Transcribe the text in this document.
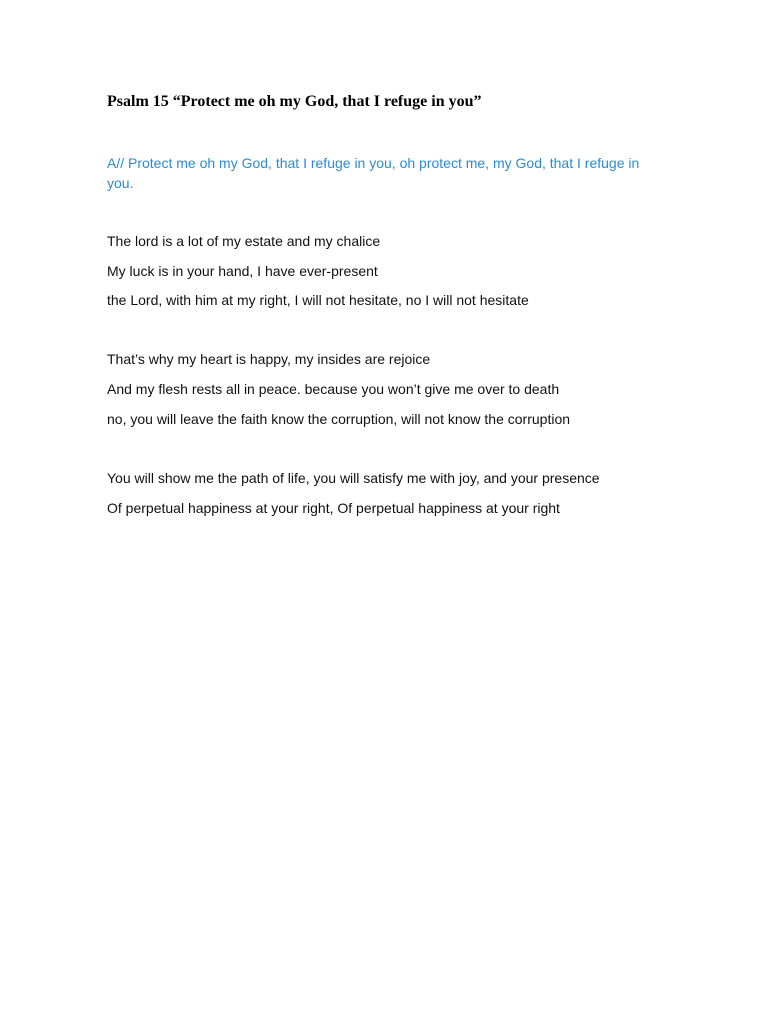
Psalm 15 “Protect me oh my God, that I refuge in you”

A// Protect me oh my God, that I refuge in you, oh protect me, my God, that I refuge in you.

The lord is a lot of my estate and my chalice

My luck is in your hand, I have ever-present

the Lord, with him at my right, I will not hesitate, no I will not hesitate

That’s why my heart is happy, my insides are rejoice

And my flesh rests all in peace. because you won’t give me over to death

no, you will leave the faith know the corruption, will not know the corruption

You will show me the path of life, you will satisfy me with joy, and your presence

Of perpetual happiness at your right, Of perpetual happiness at your right
